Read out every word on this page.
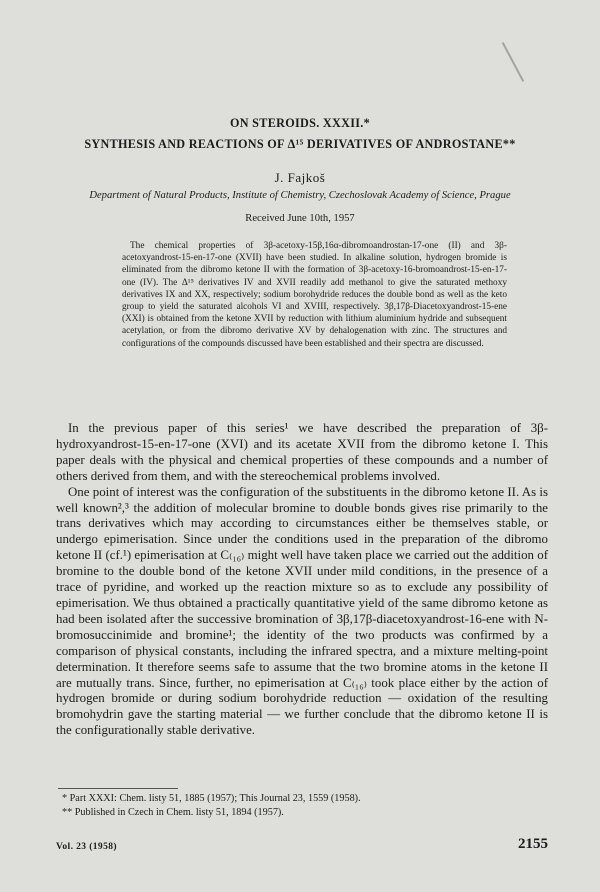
ON STEROIDS. XXXII.*
SYNTHESIS AND REACTIONS OF Δ¹⁵ DERIVATIVES OF ANDROSTANE**
J. Fajkoš
Department of Natural Products, Institute of Chemistry, Czechoslovak Academy of Science, Prague
Received June 10th, 1957

The chemical properties of 3β-acetoxy-15β,16α-dibromoandrostan-17-one (II) and 3β-acetoxyandrost-15-en-17-one (XVII) have been studied. In alkaline solution, hydrogen bromide is eliminated from the dibromo ketone II with the formation of 3β-acetoxy-16-bromoandrost-15-en-17-one (IV). The Δ¹⁵ derivatives IV and XVII readily add methanol to give the saturated methoxy derivatives IX and XX, respectively; sodium borohydride reduces the double bond as well as the keto group to yield the saturated alcohols VI and XVIII, respectively. 3β,17β-Diacetoxyandrost-15-ene (XXI) is obtained from the ketone XVII by reduction with lithium aluminium hydride and subsequent acetylation, or from the dibromo derivative XV by dehalogenation with zinc. The structures and configurations of the compounds discussed have been established and their spectra are discussed.

In the previous paper of this series¹ we have described the preparation of 3β-hydroxyandrost-15-en-17-one (XVI) and its acetate XVII from the dibromo ketone I. This paper deals with the physical and chemical properties of these compounds and a number of others derived from them, and with the stereochemical problems involved.

One point of interest was the configuration of the substituents in the dibromo ketone II. As is well known²,³ the addition of molecular bromine to double bonds gives rise primarily to the trans derivatives which may according to circumstances either be themselves stable, or undergo epimerisation. Since under the conditions used in the preparation of the dibromo ketone II (cf.¹) epimerisation at C₍₁₆₎ might well have taken place we carried out the addition of bromine to the double bond of the ketone XVII under mild conditions, in the presence of a trace of pyridine, and worked up the reaction mixture so as to exclude any possibility of epimerisation. We thus obtained a practically quantitative yield of the same dibromo ketone as had been isolated after the successive bromination of 3β,17β-diacetoxyandrost-16-ene with N-bromosuccinimide and bromine¹; the identity of the two products was confirmed by a comparison of physical constants, including the infrared spectra, and a mixture melting-point determination. It therefore seems safe to assume that the two bromine atoms in the ketone II are mutually trans. Since, further, no epimerisation at C₍₁₆₎ took place either by the action of hydrogen bromide or during sodium borohydride reduction — oxidation of the resulting bromohydrin gave the starting material — we further conclude that the dibromo ketone II is the configurationally stable derivative.

* Part XXXI: Chem. listy 51, 1885 (1957); This Journal 23, 1559 (1958).
** Published in Czech in Chem. listy 51, 1894 (1957).
Vol. 23 (1958)	2155
